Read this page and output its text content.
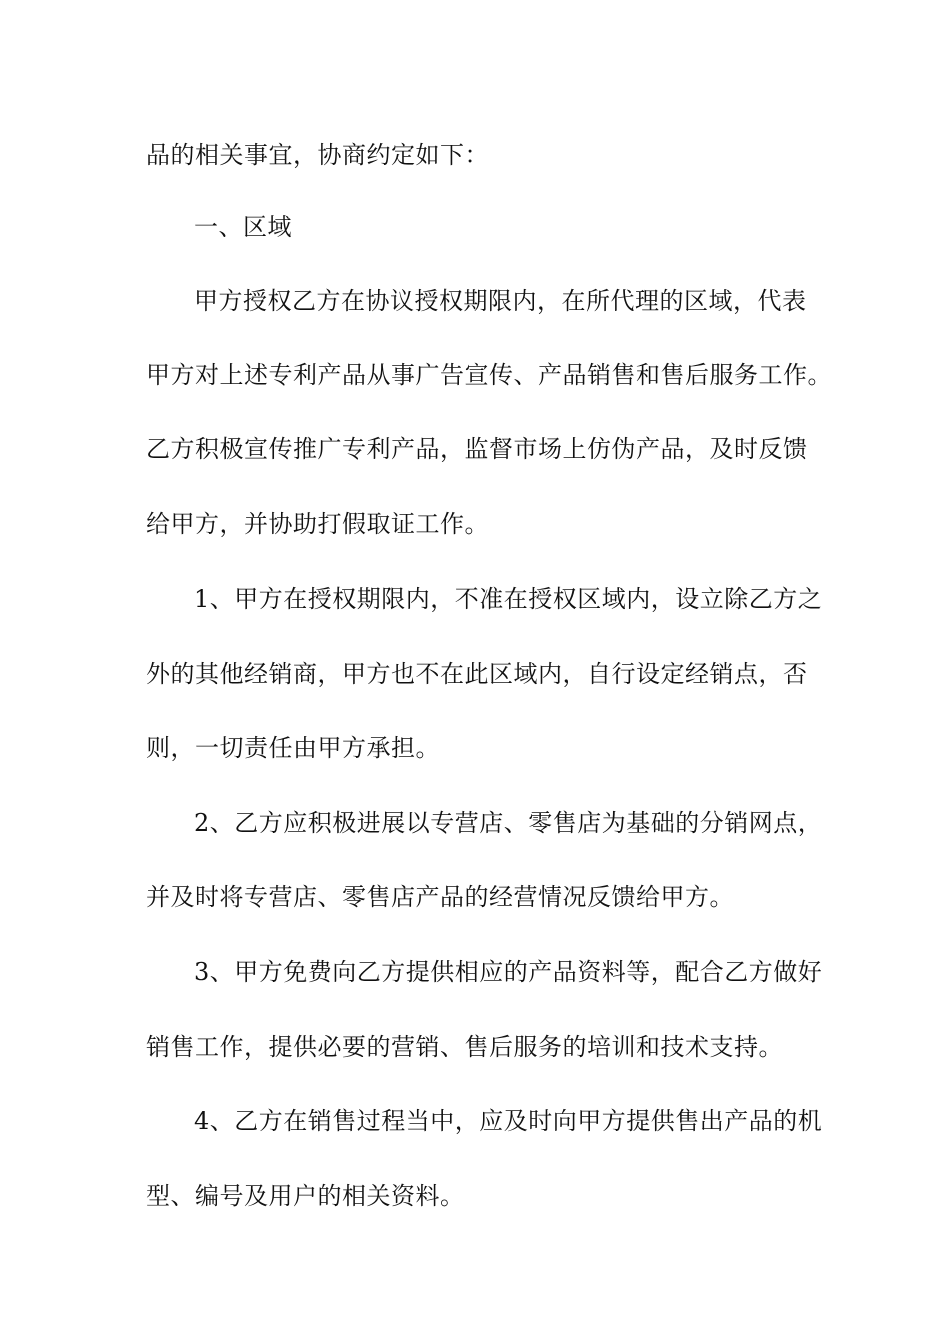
品的相关事宜，协商约定如下：
一、区域
甲方授权乙方在协议授权期限内，在所代理的区域，代表
甲方对上述专利产品从事广告宣传、产品销售和售后服务工作。
乙方积极宣传推广专利产品，监督市场上仿伪产品，及时反馈
给甲方，并协助打假取证工作。
1、甲方在授权期限内，不准在授权区域内，设立除乙方之
外的其他经销商，甲方也不在此区域内，自行设定经销点，否
则，一切责任由甲方承担。
2、乙方应积极进展以专营店、零售店为基础的分销网点，
并及时将专营店、零售店产品的经营情况反馈给甲方。
3、甲方免费向乙方提供相应的产品资料等，配合乙方做好
销售工作，提供必要的营销、售后服务的培训和技术支持。
4、乙方在销售过程当中，应及时向甲方提供售出产品的机
型、编号及用户的相关资料。
